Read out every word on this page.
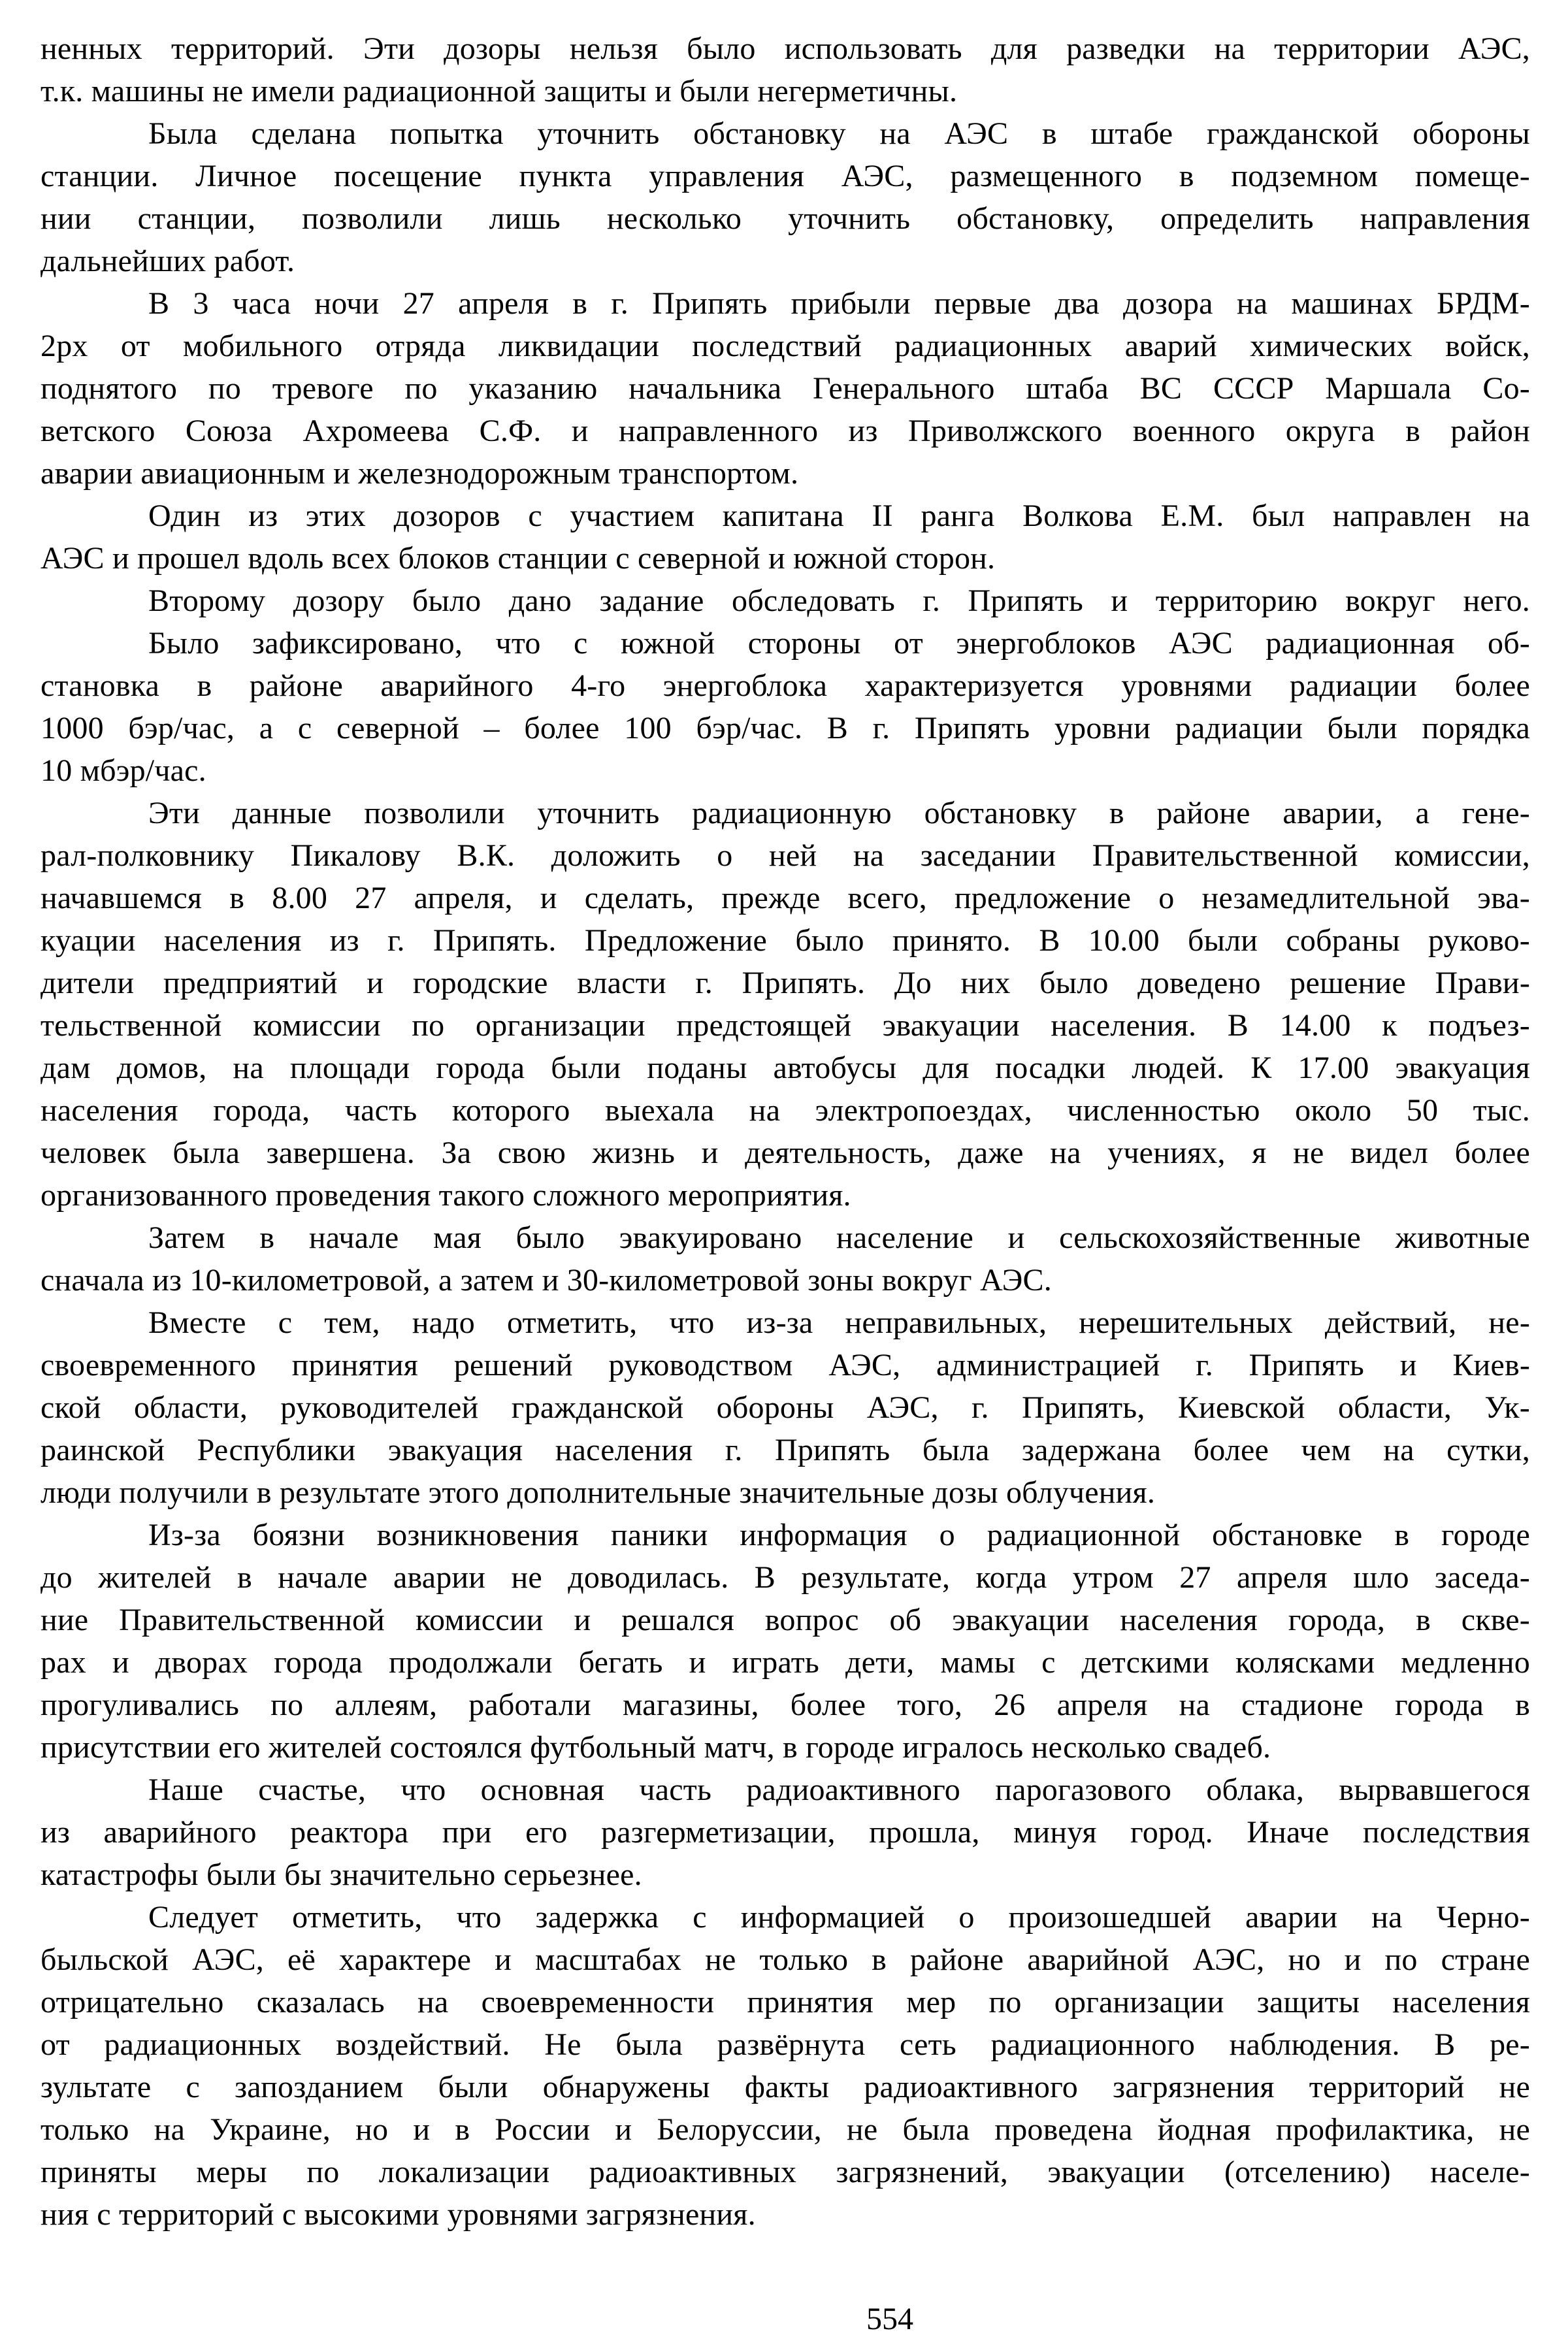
ненных территорий. Эти дозоры нельзя было использовать для разведки на территории АЭС,
т.к. машины не имели радиационной защиты и были негерметичны.
Была сделана попытка уточнить обстановку на АЭС в штабе гражданской обороны
станции. Личное посещение пункта управления АЭС, размещенного в подземном помеще-
нии станции, позволили лишь несколько уточнить обстановку, определить направления
дальнейших работ.
В 3 часа ночи 27 апреля в г. Припять прибыли первые два дозора на машинах БРДМ-
2рх от мобильного отряда ликвидации последствий радиационных аварий химических войск,
поднятого по тревоге по указанию начальника Генерального штаба ВС СССР Маршала Со-
ветского Союза Ахромеева С.Ф. и направленного из Приволжского военного округа в район
аварии авиационным и железнодорожным транспортом.
Один из этих дозоров с участием капитана II ранга Волкова Е.М. был направлен на
АЭС и прошел вдоль всех блоков станции с северной и южной сторон.
Второму дозору было дано задание обследовать г. Припять и территорию вокруг него.
Было зафиксировано, что с южной стороны от энергоблоков АЭС радиационная об-
становка в районе аварийного 4-го энергоблока характеризуется уровнями радиации более
1000 бэр/час, а с северной – более 100 бэр/час. В г. Припять уровни радиации были порядка
10 мбэр/час.
Эти данные позволили уточнить радиационную обстановку в районе аварии, а гене-
рал-полковнику Пикалову В.К. доложить о ней на заседании Правительственной комиссии,
начавшемся в 8.00 27 апреля, и сделать, прежде всего, предложение о незамедлительной эва-
куации населения из г. Припять. Предложение было принято. В 10.00 были собраны руково-
дители предприятий и городские власти г. Припять. До них было доведено решение Прави-
тельственной комиссии по организации предстоящей эвакуации населения. В 14.00 к подъез-
дам домов, на площади города были поданы автобусы для посадки людей. К 17.00 эвакуация
населения города, часть которого выехала на электропоездах, численностью около 50 тыс.
человек была завершена. За свою жизнь и деятельность, даже на учениях, я не видел более
организованного проведения такого сложного мероприятия.
Затем в начале мая было эвакуировано население и сельскохозяйственные животные
сначала из 10-километровой, а затем и 30-километровой зоны вокруг АЭС.
Вместе с тем, надо отметить, что из-за неправильных, нерешительных действий, не-
своевременного принятия решений руководством АЭС, администрацией г. Припять и Киев-
ской области, руководителей гражданской обороны АЭС, г. Припять, Киевской области, Ук-
раинской Республики эвакуация населения г. Припять была задержана более чем на сутки,
люди получили в результате этого дополнительные значительные дозы облучения.
Из-за боязни возникновения паники информация о радиационной обстановке в городе
до жителей в начале аварии не доводилась. В результате, когда утром 27 апреля шло заседа-
ние Правительственной комиссии и решался вопрос об эвакуации населения города, в скве-
рах и дворах города продолжали бегать и играть дети, мамы с детскими колясками медленно
прогуливались по аллеям, работали магазины, более того, 26 апреля на стадионе города в
присутствии его жителей состоялся футбольный матч, в городе игралось несколько свадеб.
Наше счастье, что основная часть радиоактивного парогазового облака, вырвавшегося
из аварийного реактора при его разгерметизации, прошла, минуя город. Иначе последствия
катастрофы были бы значительно серьезнее.
Следует отметить, что задержка с информацией о произошедшей аварии на Черно-
быльской АЭС, её характере и масштабах не только в районе аварийной АЭС, но и по стране
отрицательно сказалась на своевременности принятия мер по организации защиты населения
от радиационных воздействий. Не была развёрнута сеть радиационного наблюдения. В ре-
зультате с запозданием были обнаружены факты радиоактивного загрязнения территорий не
только на Украине, но и в России и Белоруссии, не была проведена йодная профилактика, не
приняты меры по локализации радиоактивных загрязнений, эвакуации (отселению) населе-
ния с территорий с высокими уровнями загрязнения.
554
